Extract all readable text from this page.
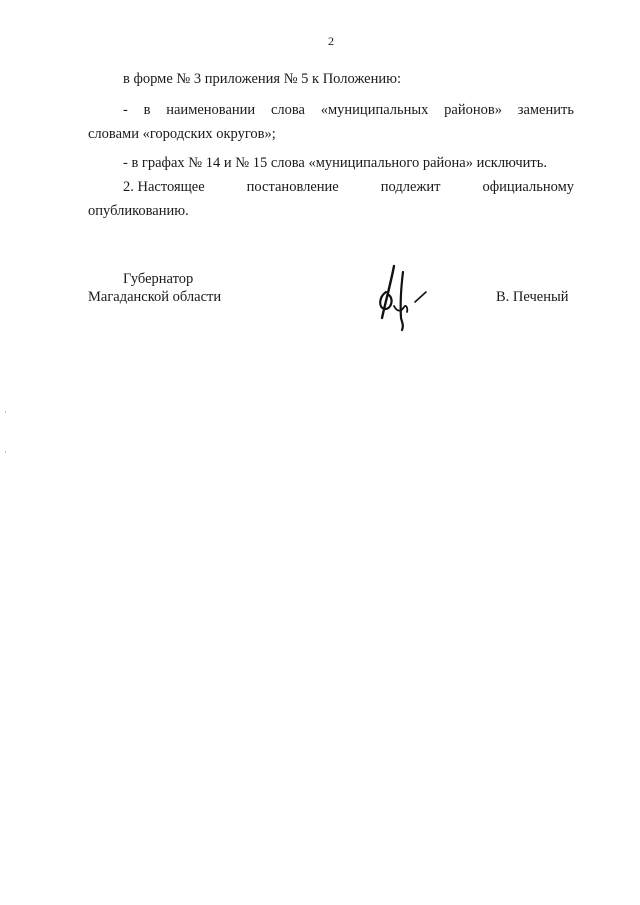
2
в форме № 3 приложения № 5 к Положению:
- в наименовании слова «муниципальных районов» заменить
словами «городских округов»;
- в графах № 14 и № 15 слова «муниципального района» исключить.
2. Настоящее	постановление	подлежит	официальному
опубликованию.
Губернатор
Магаданской области	В. Печеный
